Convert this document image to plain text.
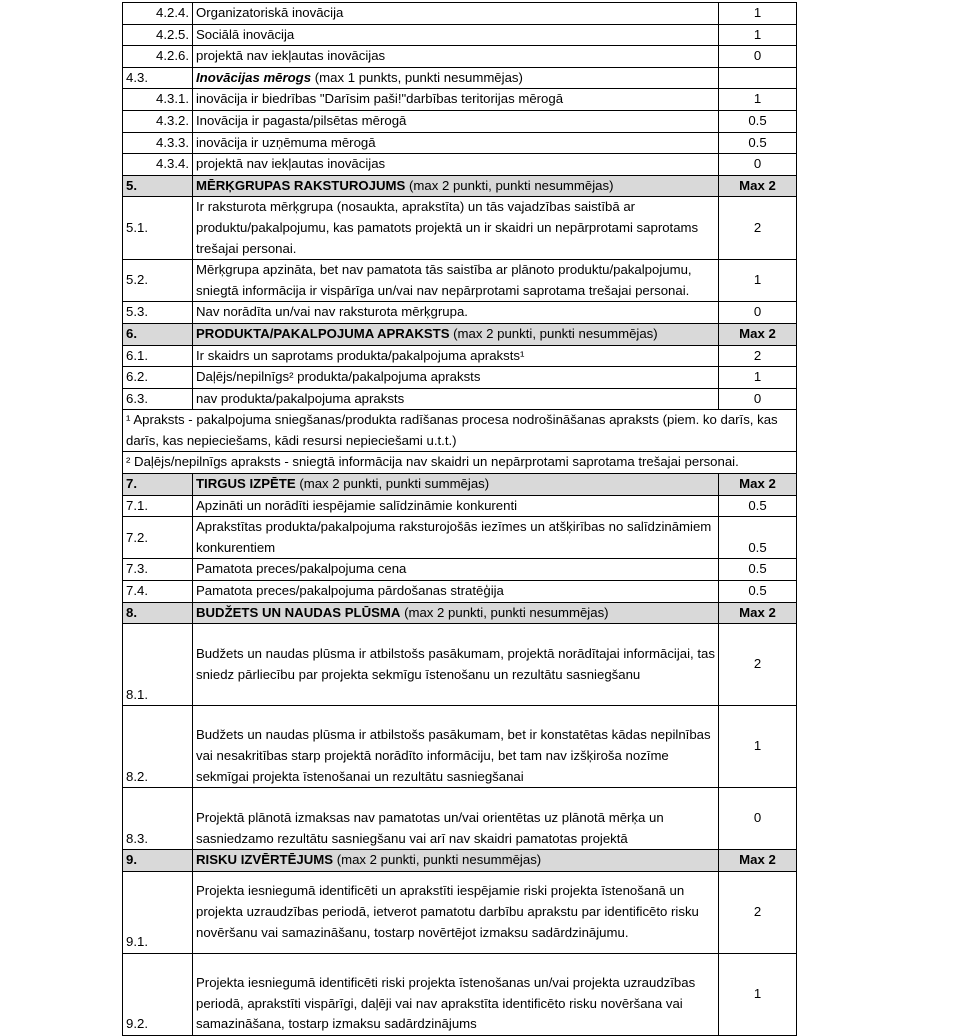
4.2.4.	Organizatoriskā inovācija	1
4.2.5.	Sociālā inovācija	1
4.2.6.	projektā nav iekļautas inovācijas	0
4.3.	Inovācijas mērogs (max 1 punkts, punkti nesummējas)	
4.3.1.	inovācija ir biedrības "Darīsim paši!"darbības teritorijas mērogā	1
4.3.2.	Inovācija ir pagasta/pilsētas mērogā	0.5
4.3.3.	inovācija ir uzņēmuma mērogā	0.5
4.3.4.	projektā nav iekļautas inovācijas	0
5.	MĒRĶGRUPAS RAKSTUROJUMS (max 2 punkti, punkti nesummējas)	Max 2
5.1.	Ir raksturota mērķgrupa (nosaukta, aprakstīta) un tās vajadzības saistībā ar produktu/pakalpojumu, kas pamatots projektā un ir skaidri un nepārprotami saprotams trešajai personai.	2
5.2.	Mērķgrupa apzināta, bet nav pamatota tās saistība ar plānoto produktu/pakalpojumu, sniegtā informācija ir vispārīga un/vai nav nepārprotami saprotama trešajai personai.	1
5.3.	Nav norādīta un/vai nav raksturota mērķgrupa.	0
6.	PRODUKTA/PAKALPOJUMA APRAKSTS (max 2 punkti, punkti nesummējas)	Max 2
6.1.	Ir skaidrs un saprotams produkta/pakalpojuma apraksts¹	2
6.2.	Daļējs/nepilnīgs² produkta/pakalpojuma apraksts	1
6.3.	nav produkta/pakalpojuma apraksts	0
¹ Apraksts - pakalpojuma sniegšanas/produkta radīšanas procesa nodrošināšanas apraksts (piem. ko darīs, kas darīs, kas nepieciešams, kādi resursi nepieciešami u.t.t.)		
² Daļējs/nepilnīgs apraksts - sniegtā informācija nav skaidri un nepārprotami saprotama trešajai personai.		
7.	TIRGUS IZPĒTE (max 2 punkti, punkti summējas)	Max 2
7.1.	Apzināti un norādīti iespējamie salīdzināmie konkurenti	0.5
7.2.	Aprakstītas produkta/pakalpojuma raksturojošās iezīmes un atšķirības no salīdzināmiem konkurentiem	0.5
7.3.	Pamatota preces/pakalpojuma cena	0.5
7.4.	Pamatota preces/pakalpojuma pārdošanas stratēģija	0.5
8.	BUDŽETS UN NAUDAS PLŪSMA (max 2 punkti, punkti nesummējas)	Max 2
8.1.	Budžets un naudas plūsma ir atbilstošs pasākumam, projektā norādītajai informācijai, tas sniedz pārliecību par projekta sekmīgu īstenošanu un rezultātu sasniegšanu	2
8.2.	Budžets un naudas plūsma ir atbilstošs pasākumam, bet ir konstatētas kādas nepilnības vai nesakritības starp projektā norādīto informāciju, bet tam nav izšķiroša nozīme sekmīgai projekta īstenošanai un rezultātu sasniegšanai	1
8.3.	Projektā plānotā izmaksas nav pamatotas un/vai orientētas uz plānotā mērķa un sasniedzamo rezultātu sasniegšanu vai arī nav skaidri pamatotas projektā	0
9.	RISKU IZVĒRTĒJUMS (max 2 punkti, punkti nesummējas)	Max 2
9.1.	Projekta iesniegumā identificēti un aprakstīti iespējamie riski projekta īstenošanā un projekta uzraudzības periodā, ietverot pamatotu darbību aprakstu par identificēto risku novēršanu vai samazināšanu, tostarp novērtējot izmaksu sadārdzinājumu.	2
9.2.	Projekta iesniegumā identificēti riski projekta īstenošanas un/vai projekta uzraudzības periodā, aprakstīti vispārīgi, daļēji vai nav aprakstīta identificēto risku novēršana vai samazināšana, tostarp izmaksu sadārdzinājums	1
